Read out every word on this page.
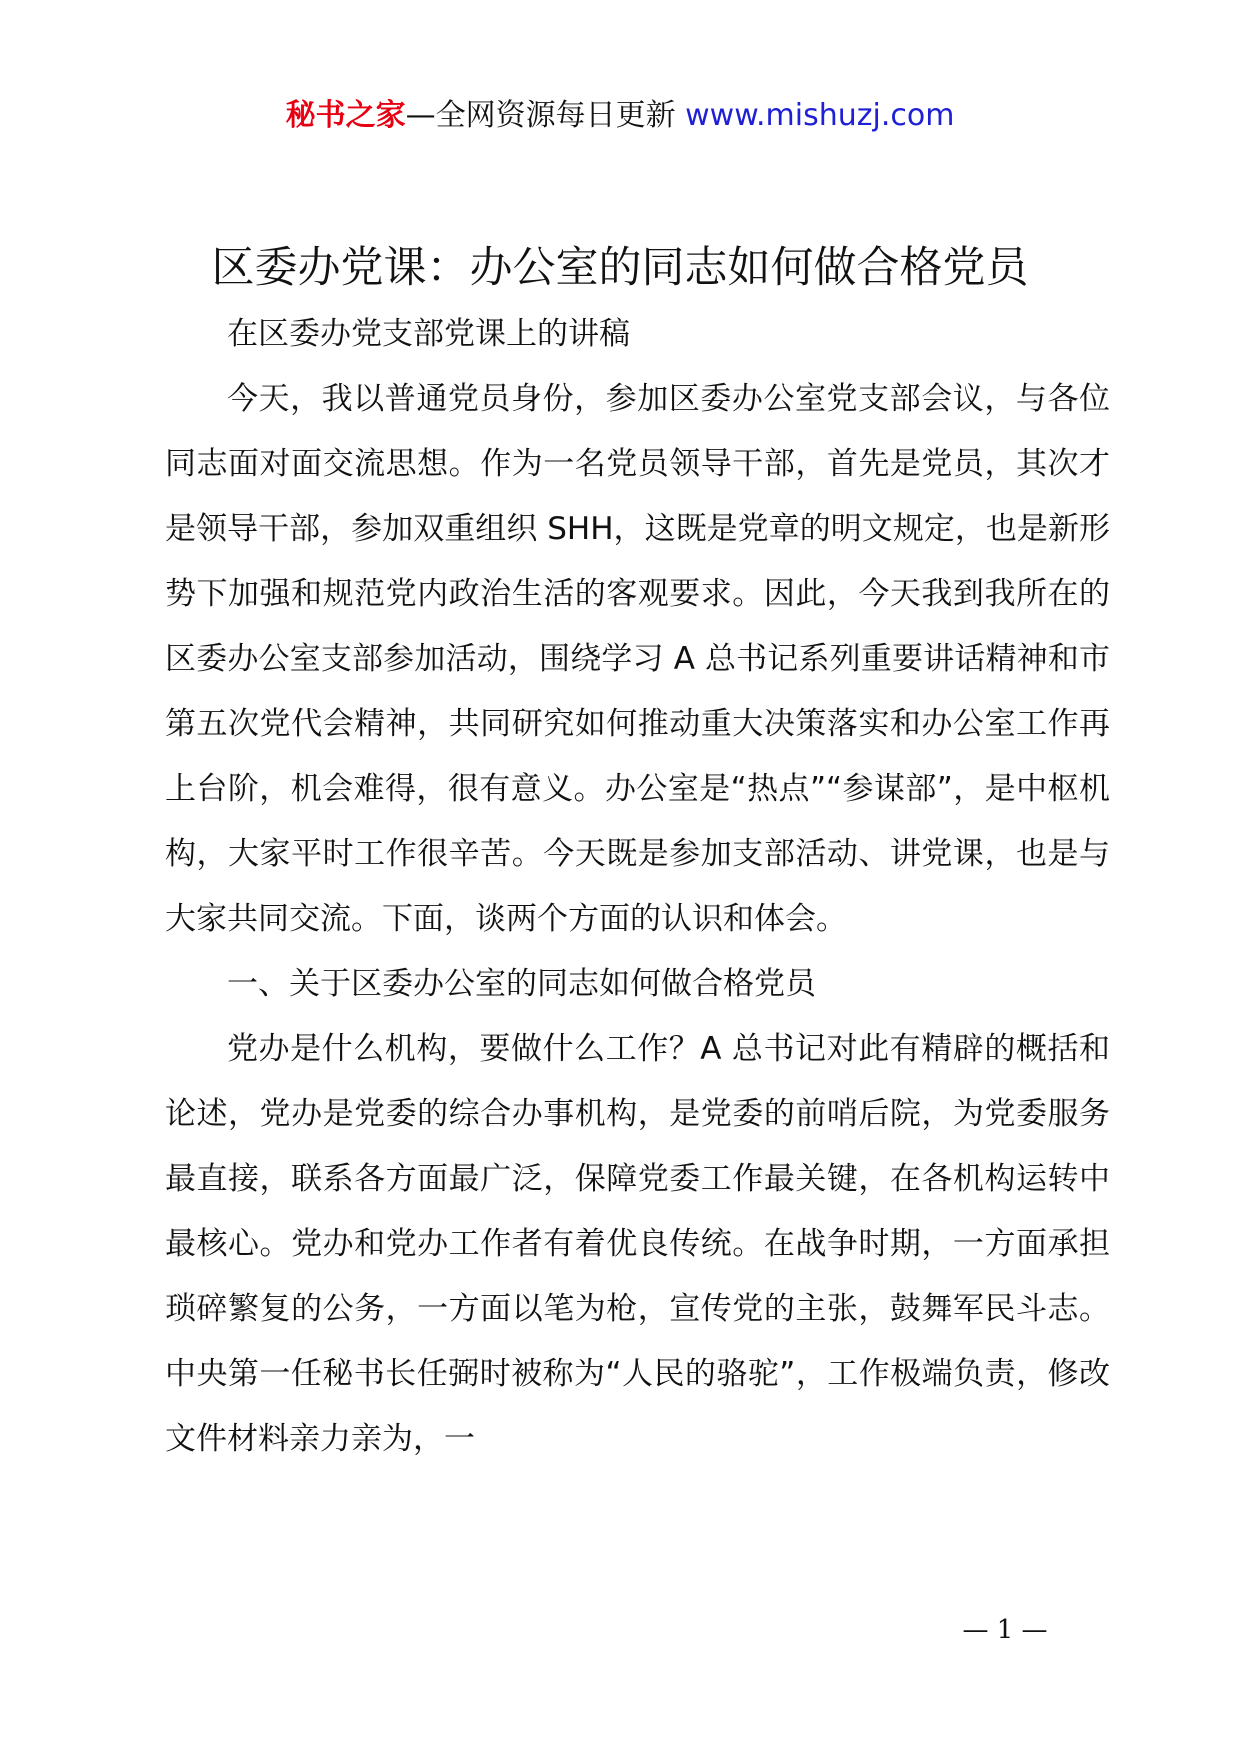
秘书之家—全网资源每日更新 www.mishuzj.com
区委办党课：办公室的同志如何做合格党员

在区委办党支部党课上的讲稿

今天，我以普通党员身份，参加区委办公室党支部会议，与各位同志面对面交流思想。作为一名党员领导干部，首先是党员，其次才是领导干部，参加双重组织 SHH，这既是党章的明文规定，也是新形势下加强和规范党内政治生活的客观要求。因此，今天我到我所在的区委办公室支部参加活动，围绕学习 A 总书记系列重要讲话精神和市第五次党代会精神，共同研究如何推动重大决策落实和办公室工作再上台阶，机会难得，很有意义。办公室是“热点”“参谋部”，是中枢机构，大家平时工作很辛苦。今天既是参加支部活动、讲党课，也是与大家共同交流。下面，谈两个方面的认识和体会。

一、关于区委办公室的同志如何做合格党员

党办是什么机构，要做什么工作？A 总书记对此有精辟的概括和论述，党办是党委的综合办事机构，是党委的前哨后院，为党委服务最直接，联系各方面最广泛，保障党委工作最关键，在各机构运转中最核心。党办和党办工作者有着优良传统。在战争时期，一方面承担琐碎繁复的公务，一方面以笔为枪，宣传党的主张，鼓舞军民斗志。中央第一任秘书长任弼时被称为“人民的骆驼”，工作极端负责，修改文件材料亲力亲为，一

— 1 —
